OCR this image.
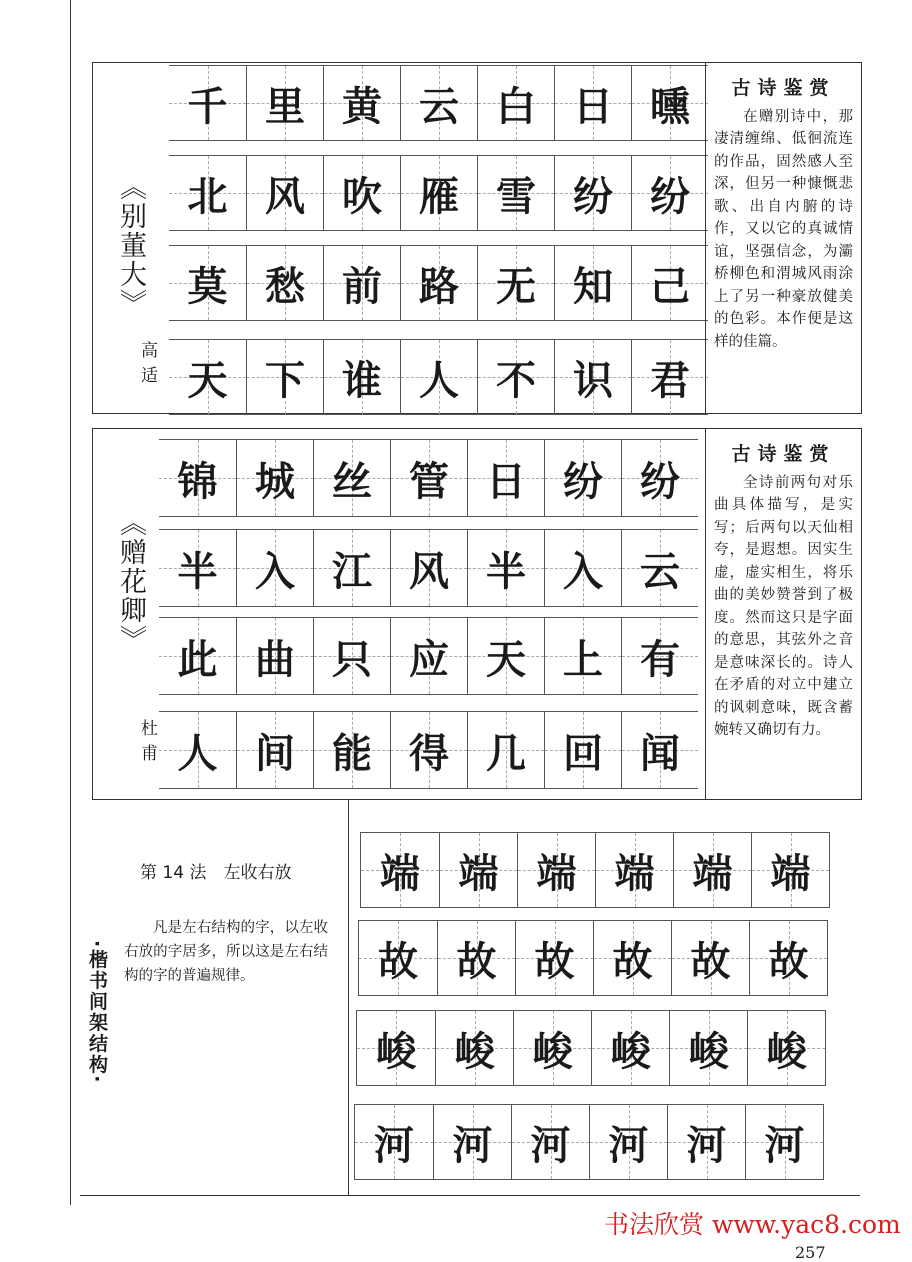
《别董大》
高适
千 里 黄 云 白 日 曛
北 风 吹 雁 雪 纷 纷
莫 愁 前 路 无 知 己
天 下 谁 人 不 识 君
古诗鉴赏

在赠别诗中，那凄清缠绵、低徊流连的作品，固然感人至深，但另一种慷慨悲歌、出自内腑的诗作，又以它的真诚情谊，坚强信念，为灞桥柳色和渭城风雨涂上了另一种豪放健美的色彩。本作便是这样的佳篇。

《赠花卿》
杜甫
锦 城 丝 管 日 纷 纷
半 入 江 风 半 入 云
此 曲 只 应 天 上 有
人 间 能 得 几 回 闻
古诗鉴赏

全诗前两句对乐曲具体描写，是实写；后两句以天仙相夸，是遐想。因实生虚，虚实相生，将乐曲的美妙赞誉到了极度。然而这只是字面的意思，其弦外之音是意味深长的。诗人在矛盾的对立中建立的讽刺意味，既含蓄婉转又确切有力。

第 14 法　左收右放
凡是左右结构的字，以左收右放的字居多，所以这是左右结构的字的普遍规律。
·楷书间架结构·
端 端 端 端 端 端
故 故 故 故 故 故
峻 峻 峻 峻 峻 峻
河 河 河 河 河 河
书法欣赏 www.yac8.com
257
